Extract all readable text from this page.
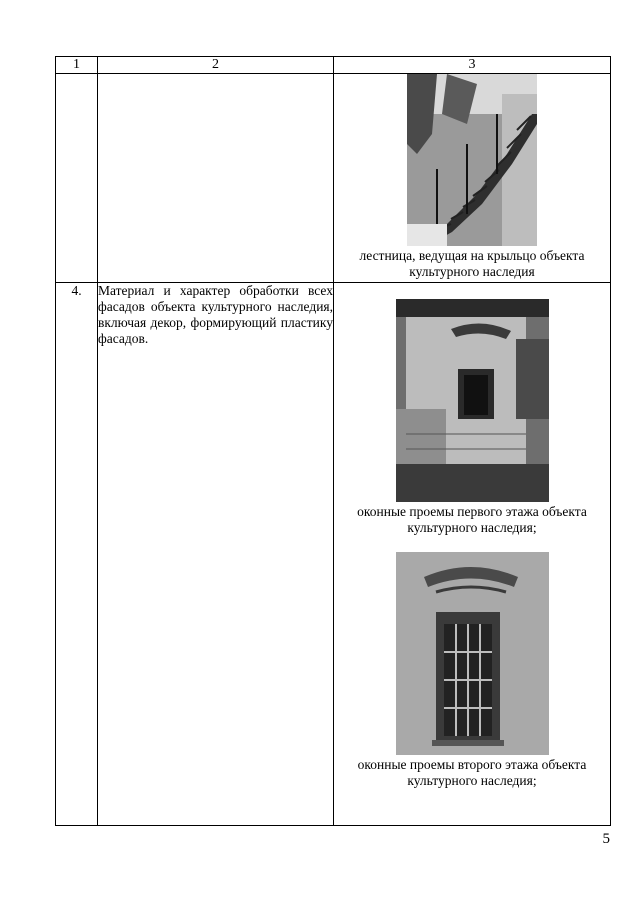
1	2	3

		лестница, ведущая на крыльцо объекта культурного наследия

4.	Материал и характер обработки всех фасадов объекта культурного наследия, включая декор, формирующий пластику фасадов.	оконные проемы первого этажа объекта культурного наследия;
оконные проемы второго этажа объекта культурного наследия;
5
